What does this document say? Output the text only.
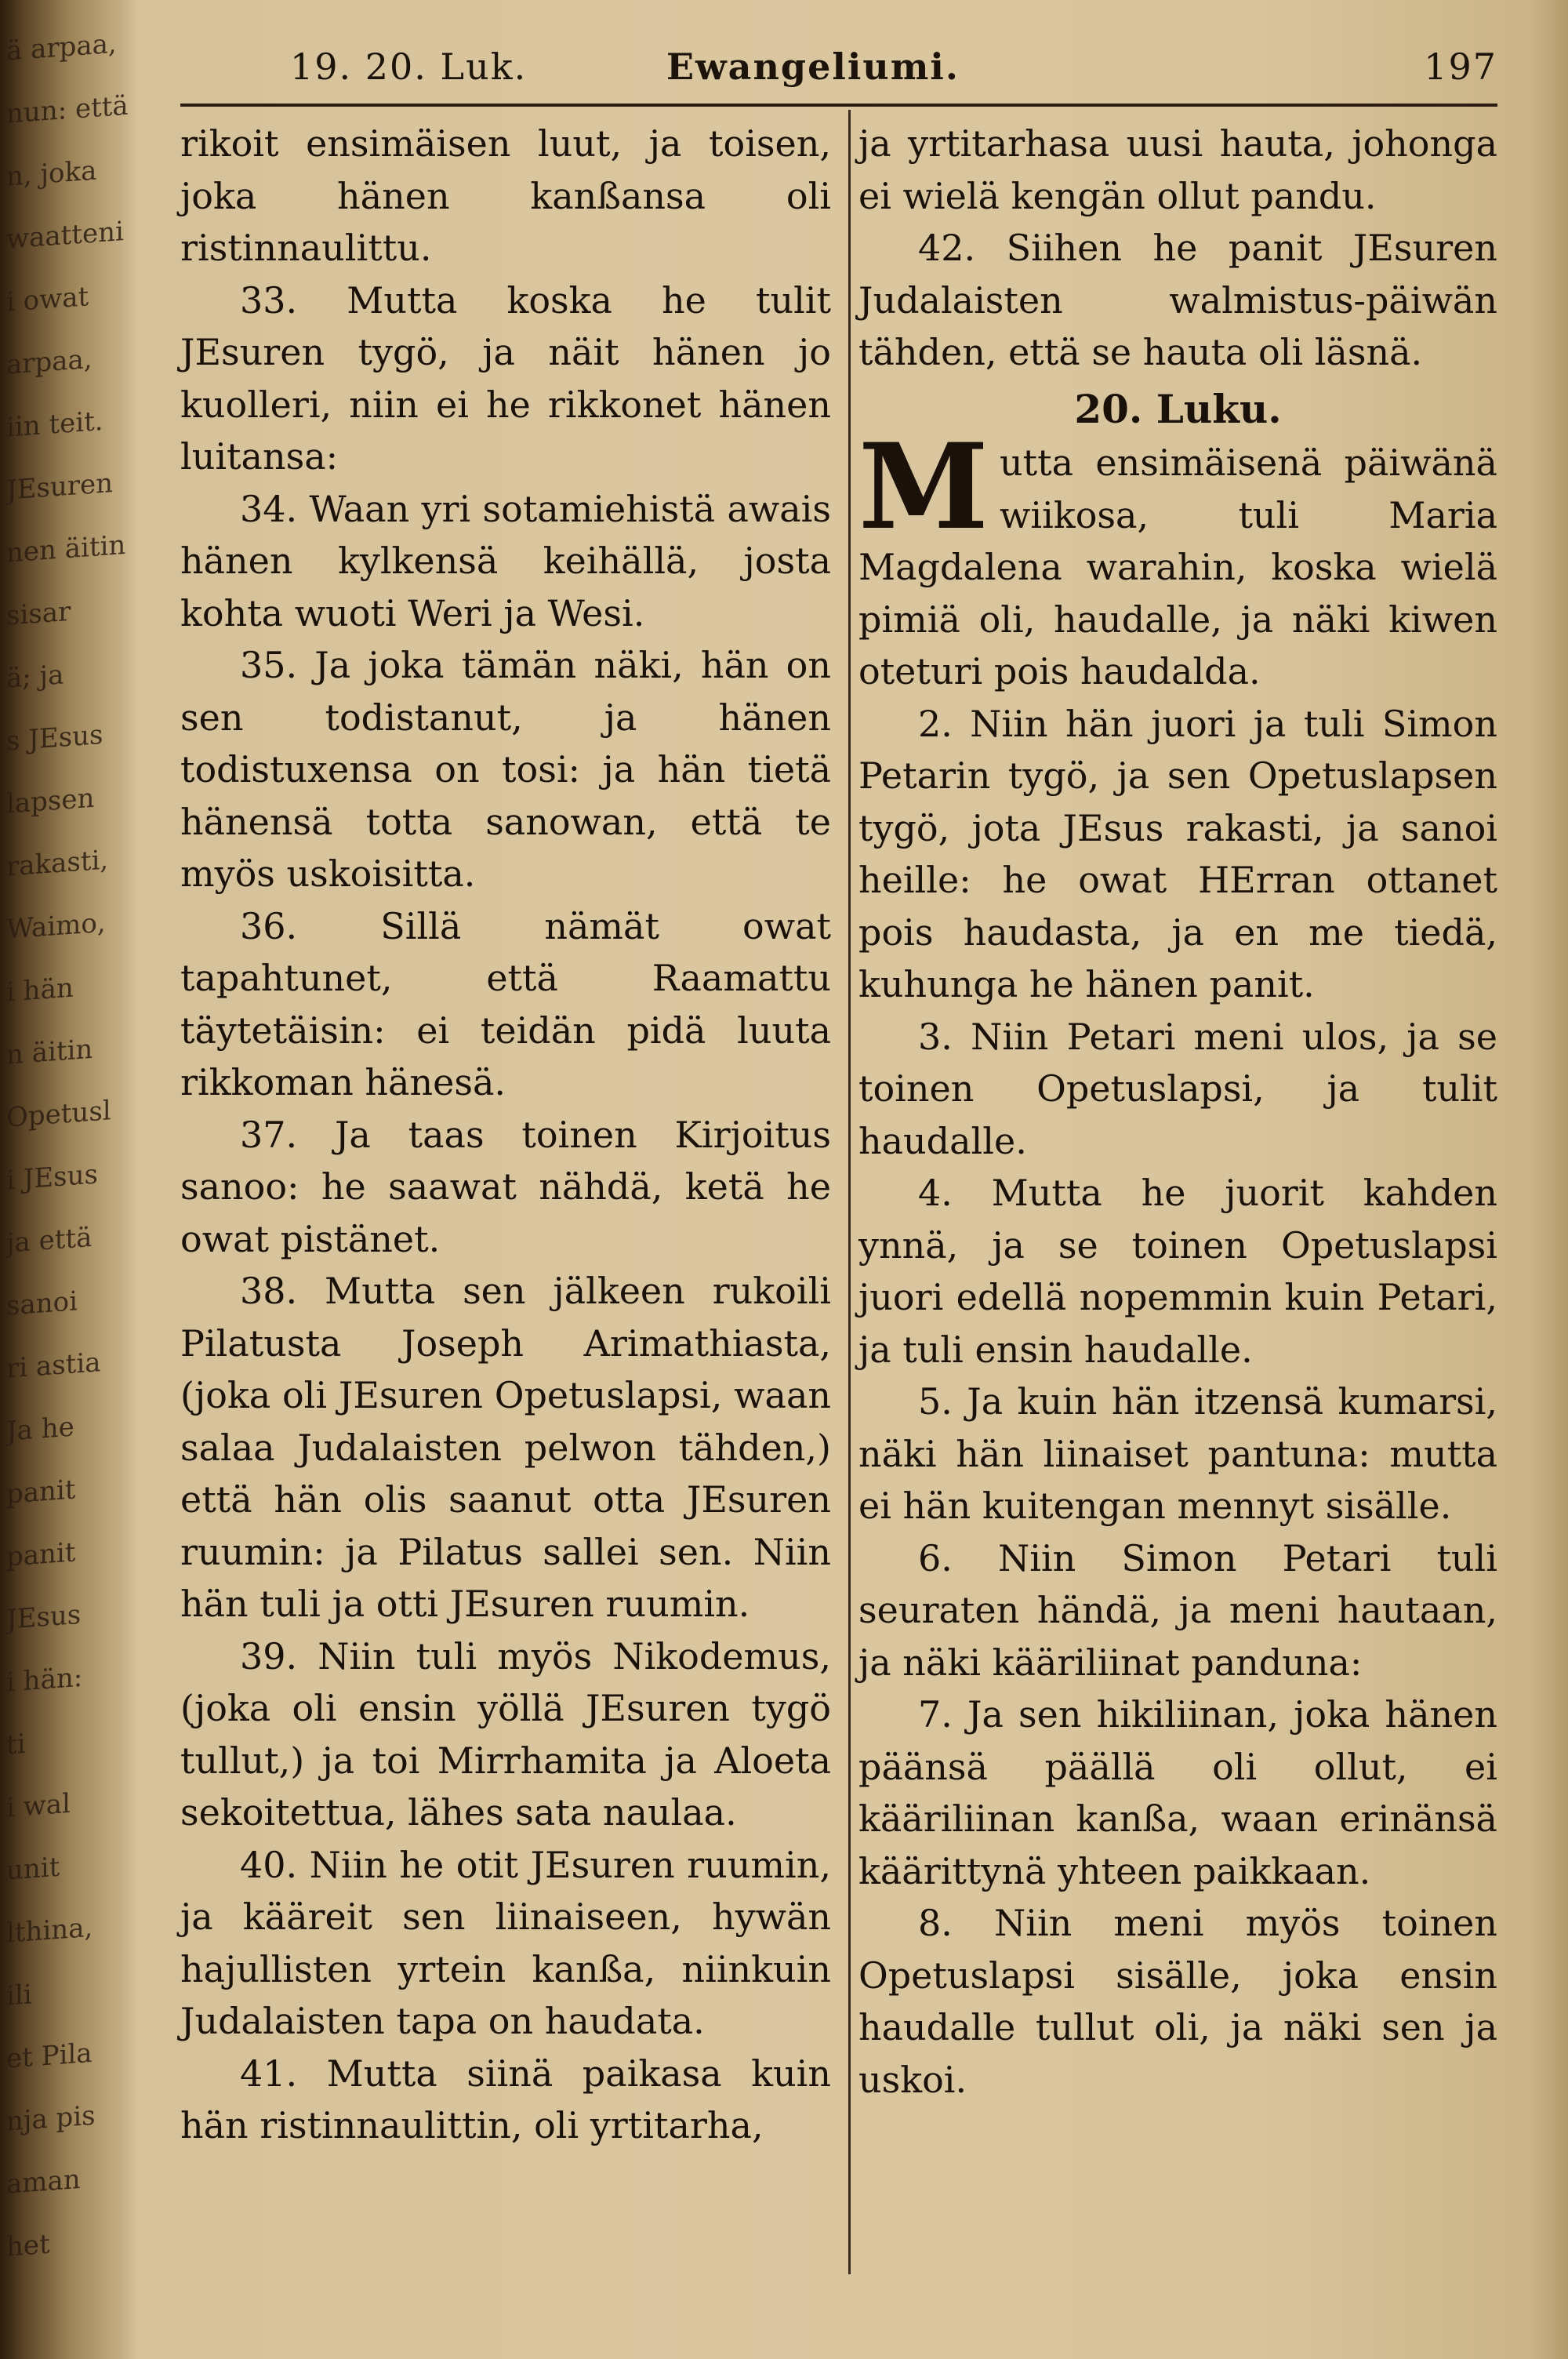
ä arpaa,
nun: että
n, joka
waatteni
i owat
arpaa,
iin teit.
JEsuren
nen äitin
sisar
ä; ja
s JEsus
lapsen
rakasti,
Waimo,
i hän
n äitin
Opetusl
i JEsus
ja että
sanoi
ri astia
Ja he
panit
panit
JEsus
i hän:
ti
i wal
unit
lthina,
ili
et Pila
nja pis
aman
het
19. 20. Luk.	Ewangeliumi.	197

rikoit ensimäisen luut, ja toisen, joka hänen kanßansa oli ristinnaulittu.

33. Mutta koska he tulit JEsuren tygö, ja näit hänen jo kuolleri, niin ei he rikkonet hänen luitansa:

34. Waan yri sotamiehistä awais hänen kylkensä keihällä, josta kohta wuoti Weri ja Wesi.

35. Ja joka tämän näki, hän on sen todistanut, ja hänen todistuxensa on tosi: ja hän tietä hänensä totta sanowan, että te myös uskoisitta.

36. Sillä nämät owat tapahtunet, että Raamattu täytetäisin: ei teidän pidä luuta rikkoman hänesä.

37. Ja taas toinen Kirjoitus sanoo: he saawat nähdä, ketä he owat pistänet.

38. Mutta sen jälkeen rukoili Pilatusta Joseph Arimathiasta, (joka oli JEsuren Opetuslapsi, waan salaa Judalaisten pelwon tähden,) että hän olis saanut otta JEsuren ruumin: ja Pilatus sallei sen. Niin hän tuli ja otti JEsuren ruumin.

39. Niin tuli myös Nikodemus, (joka oli ensin yöllä JEsuren tygö tullut,) ja toi Mirrhamita ja Aloeta sekoitettua, lähes sata naulaa.

40. Niin he otit JEsuren ruumin, ja kääreit sen liinaiseen, hywän hajullisten yrtein kanßa, niinkuin Judalaisten tapa on haudata.

41. Mutta siinä paikasa kuin hän ristinnaulittin, oli yrtitarha,

ja yrtitarhasa uusi hauta, johonga ei wielä kengän ollut pandu.

42. Siihen he panit JEsuren Judalaisten walmistus-päiwän tähden, että se hauta oli läsnä.

20. Luku.

Mutta ensimäisenä päiwänä wiikosa, tuli Maria Magdalena warahin, koska wielä pimiä oli, haudalle, ja näki kiwen oteturi pois haudalda.

2. Niin hän juori ja tuli Simon Petarin tygö, ja sen Opetuslapsen tygö, jota JEsus rakasti, ja sanoi heille: he owat HErran ottanet pois haudasta, ja en me tiedä, kuhunga he hänen panit.

3. Niin Petari meni ulos, ja se toinen Opetuslapsi, ja tulit haudalle.

4. Mutta he juorit kahden ynnä, ja se toinen Opetuslapsi juori edellä nopemmin kuin Petari, ja tuli ensin haudalle.

5. Ja kuin hän itzensä kumarsi, näki hän liinaiset pantuna: mutta ei hän kuitengan mennyt sisälle.

6. Niin Simon Petari tuli seuraten händä, ja meni hautaan, ja näki kääriliinat panduna:

7. Ja sen hikiliinan, joka hänen päänsä päällä oli ollut, ei kääriliinan kanßa, waan erinänsä käärittynä yhteen paikkaan.

8. Niin meni myös toinen Opetuslapsi sisälle, joka ensin haudalle tullut oli, ja näki sen ja uskoi.
